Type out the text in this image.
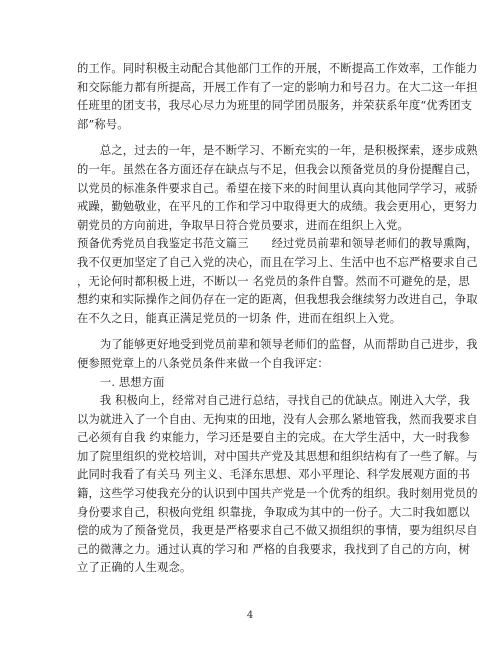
的工作。同时积极主动配合其他部门工作的开展，不断提高工作效率，工作能力
和交际能力都有所提高，开展工作有了一定的影响力和号召力。在大二这一年担
任班里的团支书，我尽心尽力为班里的同学团员服务，并荣获系年度“优秀团支
部”称号。
　　总之，过去的一年，是不断学习、不断充实的一年，是积极探索，逐步成熟
的一年。虽然在各方面还存在缺点与不足，但我会以预备党员的身份提醒自己，
以党员的标准条件要求自己。希望在接下来的时间里认真向其他同学学习，戒骄
戒躁，勤勉敬业，在平凡的工作和学习中取得更大的成绩。我会更用心，更努力
朝党员的方向前进，争取早日符合党员要求，进而在组织上入党。
预备优秀党员自我鉴定书范文篇三　　经过党员前辈和领导老师们的教导熏陶，
我不仅更加坚定了自己入党的决心，而且在学习上、生活中也不忘严格要求自己
，无论何时都积极上进，不断以一 名党员的条件自警。然而不可避免的是，思
想约束和实际操作之间仍存在一定的距离，但我想我会继续努力改进自己，争取
在不久之日，能真正满足党员的一切条 件，进而在组织上入党。
　　为了能够更好地受到党员前辈和领导老师们的监督，从而帮助自己进步，我
便参照党章上的八条党员条件来做一个自我评定：
　　一. 思想方面
　　我 积极向上，经常对自己进行总结，寻找自己的优缺点。刚进入大学，我
以为就进入了一个自由、无拘束的田地，没有人会那么紧地管我，然而我要求自
己必须有自我 约束能力，学习还是要自主的完成。在大学生活中，大一时我参
加了院里组织的党校培训，对中国共产党及其思想和组织结构有了一些了解。与
此同时我看了有关马 列主义、毛泽东思想、邓小平理论、科学发展观方面的书
籍，这些学习使我充分的认识到中国共产党是一个优秀的组织。我时刻用党员的
身份要求自己，积极向党组 织靠拢，争取成为其中的一份子。大二时我如愿以
偿的成为了预备党员，我更是严格要求自己不做又损组织的事情，要为组织尽自
己的微薄之力。通过认真的学习和 严格的自我要求，我找到了自己的方向，树
立了正确的人生观念。
4
